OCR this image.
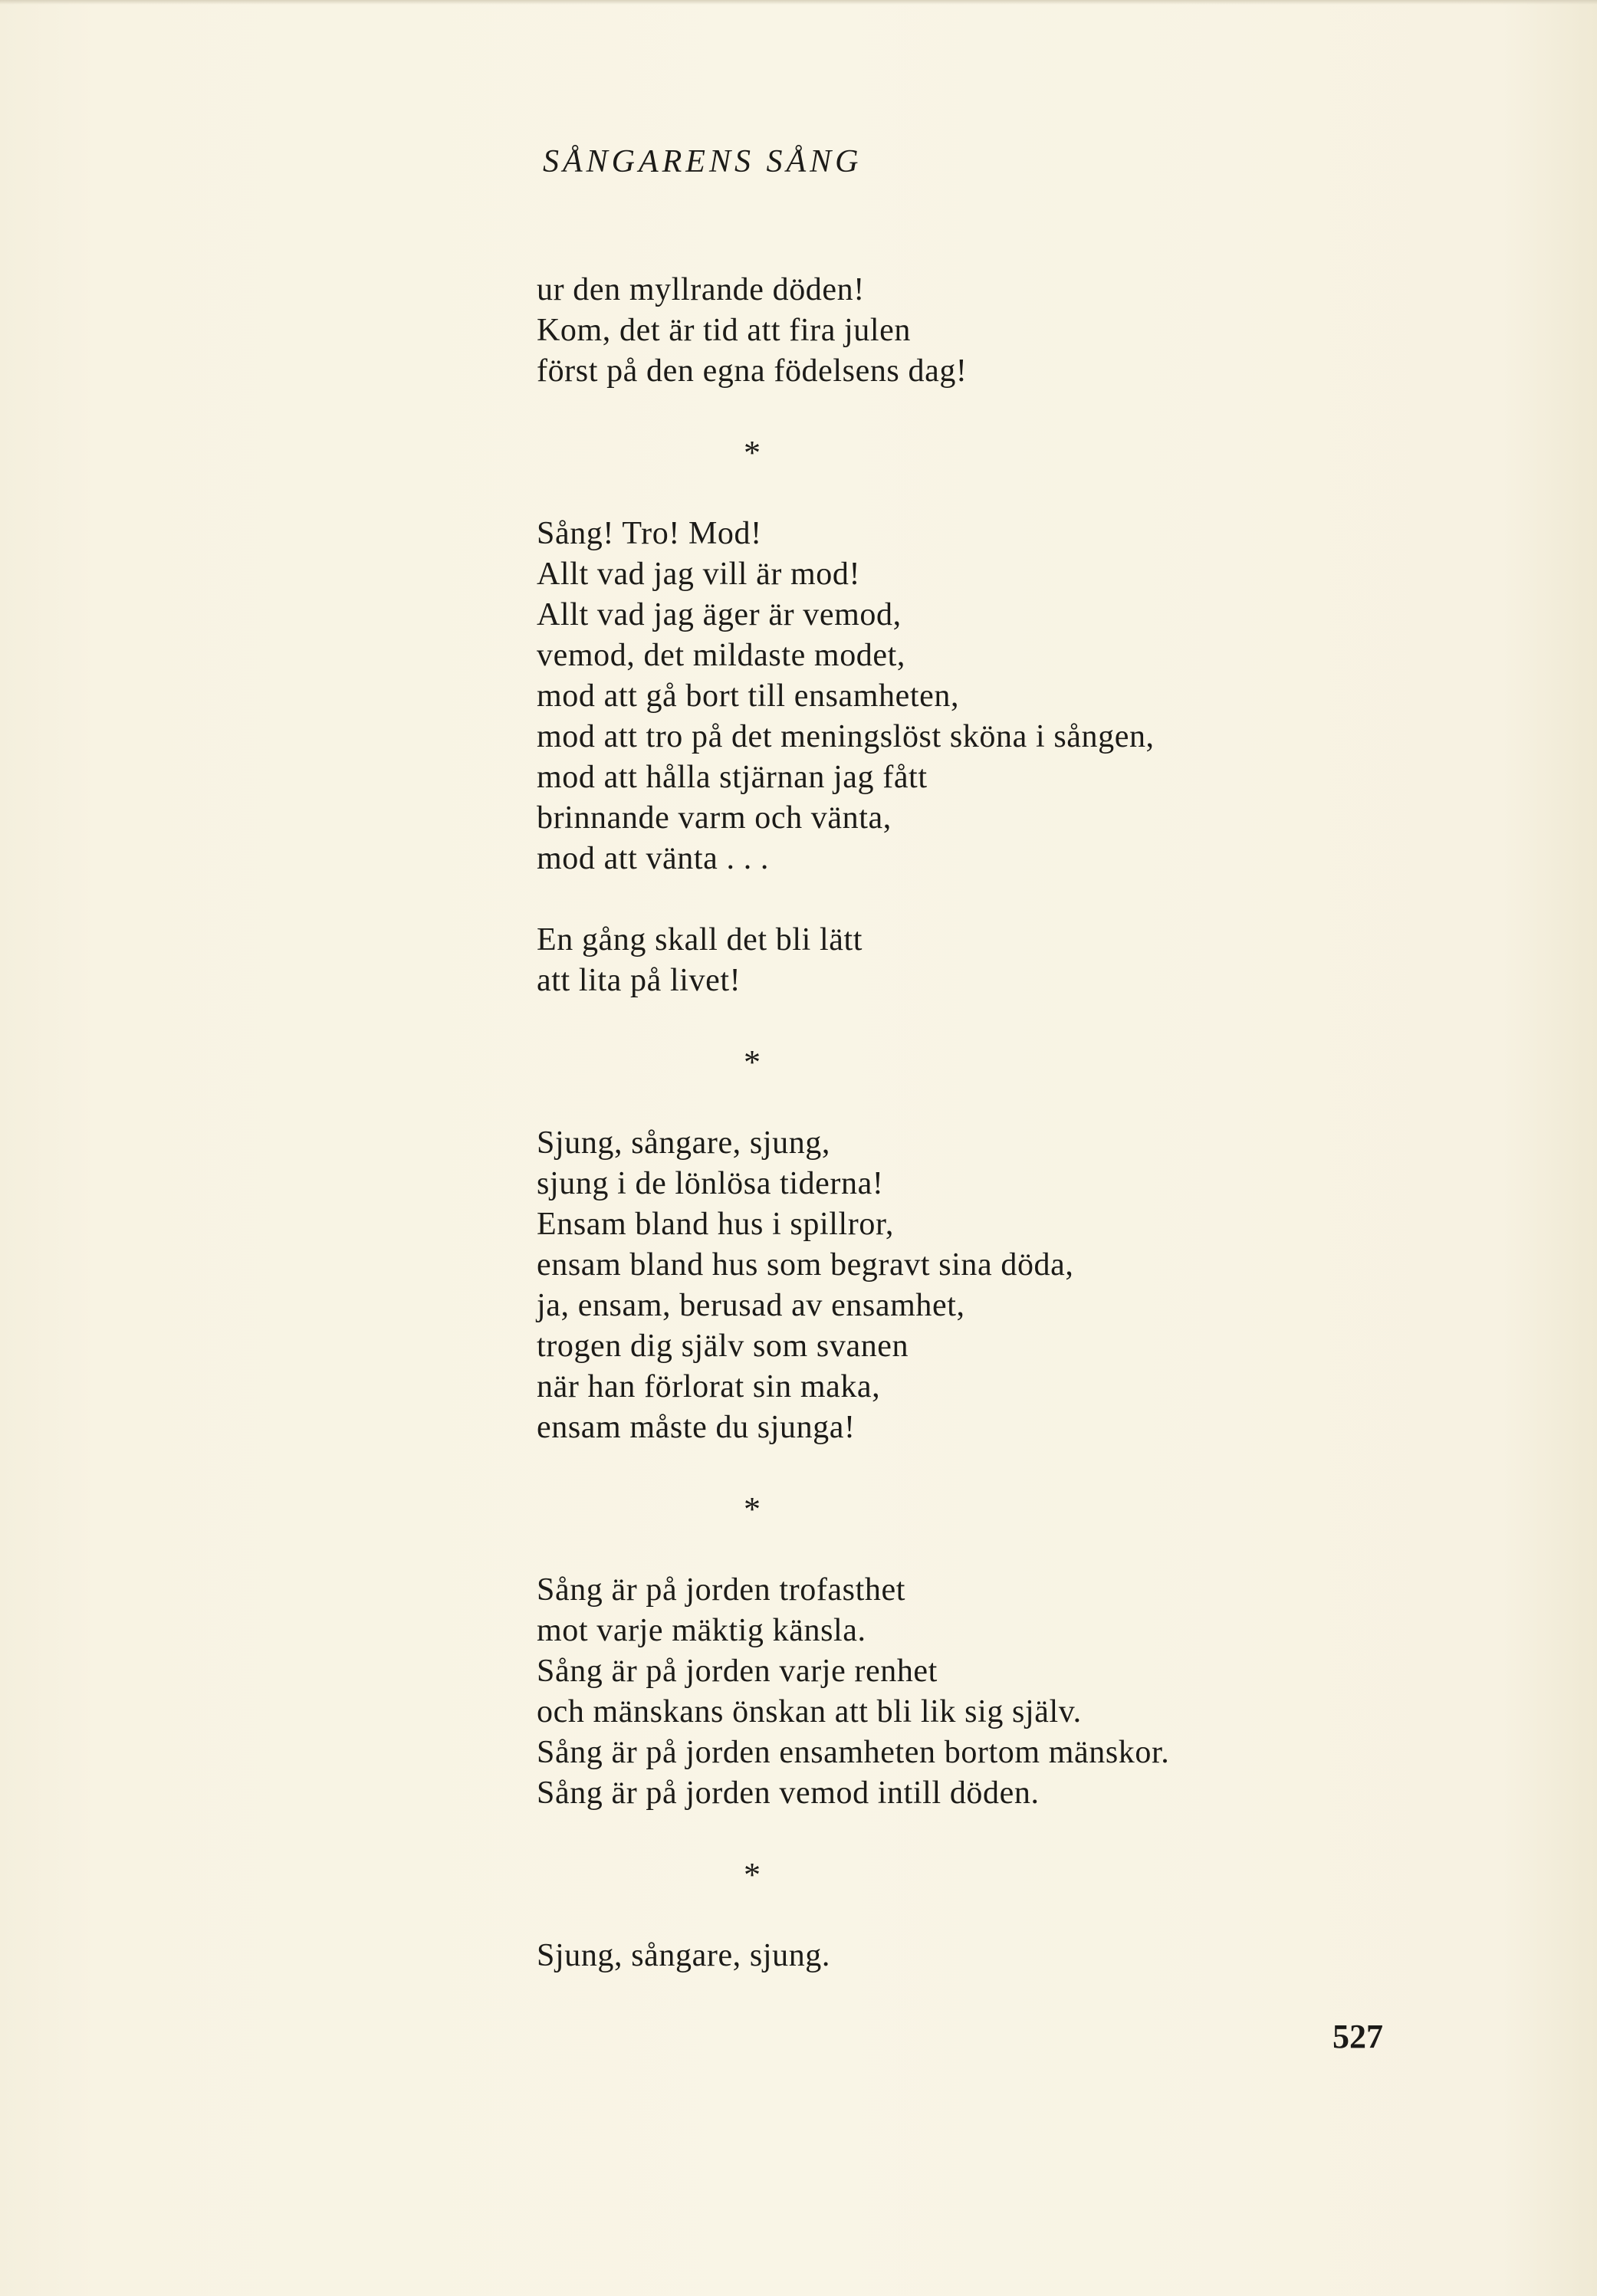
SÅNGARENS SÅNG
ur den myllrande döden!
Kom, det är tid att fira julen
först på den egna födelsens dag!
*
Sång! Tro! Mod!
Allt vad jag vill är mod!
Allt vad jag äger är vemod,
vemod, det mildaste modet,
mod att gå bort till ensamheten,
mod att tro på det meningslöst sköna i sången,
mod att hålla stjärnan jag fått
brinnande varm och vänta,
mod att vänta . . .
En gång skall det bli lätt
att lita på livet!
*
Sjung, sångare, sjung,
sjung i de lönlösa tiderna!
Ensam bland hus i spillror,
ensam bland hus som begravt sina döda,
ja, ensam, berusad av ensamhet,
trogen dig själv som svanen
när han förlorat sin maka,
ensam måste du sjunga!
*
Sång är på jorden trofasthet
mot varje mäktig känsla.
Sång är på jorden varje renhet
och mänskans önskan att bli lik sig själv.
Sång är på jorden ensamheten bortom mänskor.
Sång är på jorden vemod intill döden.
*
Sjung, sångare, sjung.
527
